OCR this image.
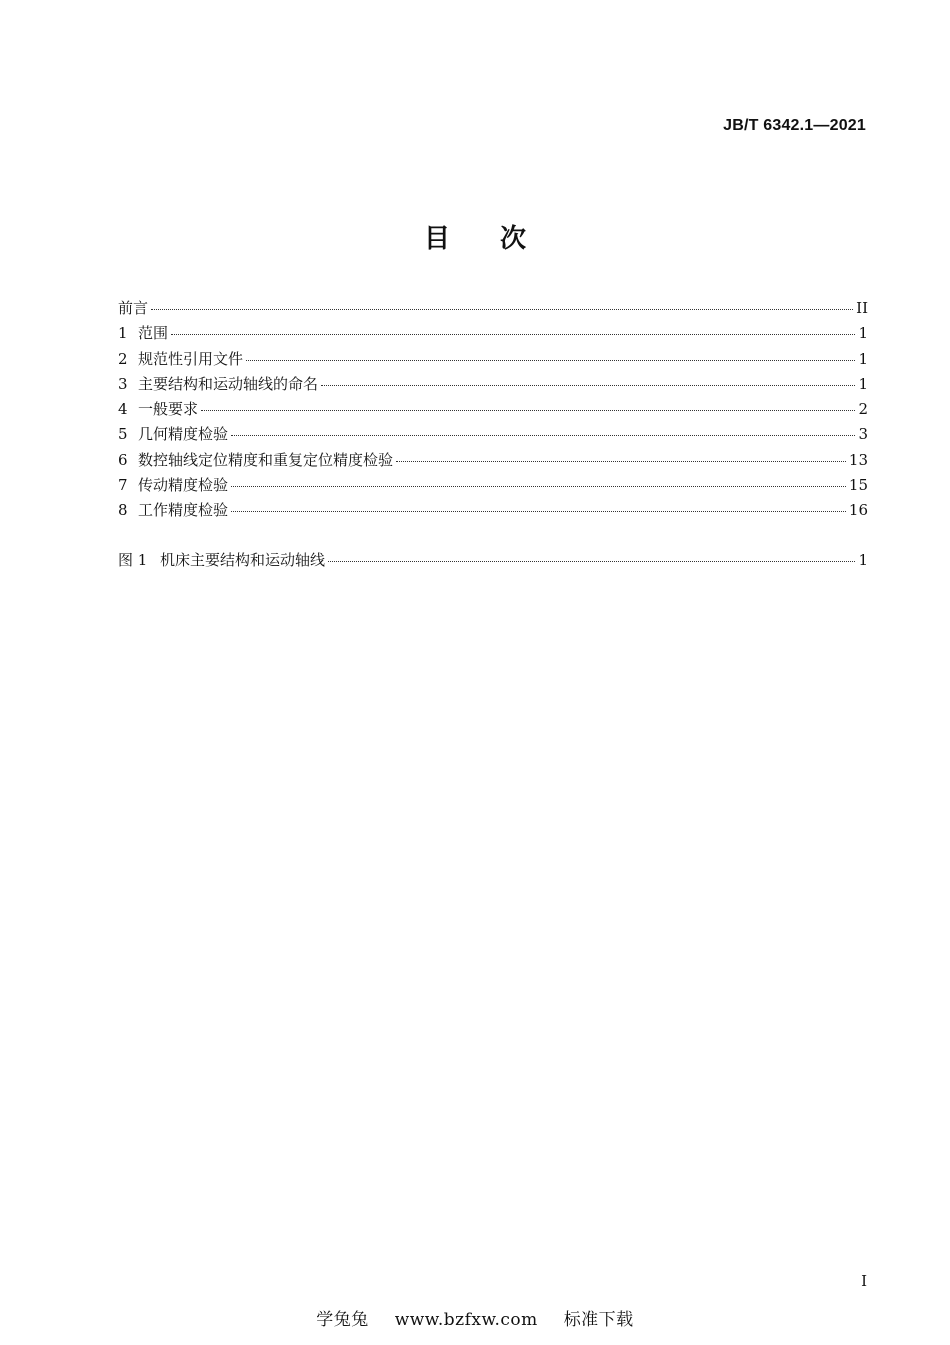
JB/T 6342.1—2021
目 次
前言	II
1 范围	1
2 规范性引用文件	1
3 主要结构和运动轴线的命名	1
4 一般要求	2
5 几何精度检验	3
6 数控轴线定位精度和重复定位精度检验	13
7 传动精度检验	15
8 工作精度检验	16
图 1 机床主要结构和运动轴线	1
I
学兔兔 www.bzfxw.com 标准下载
